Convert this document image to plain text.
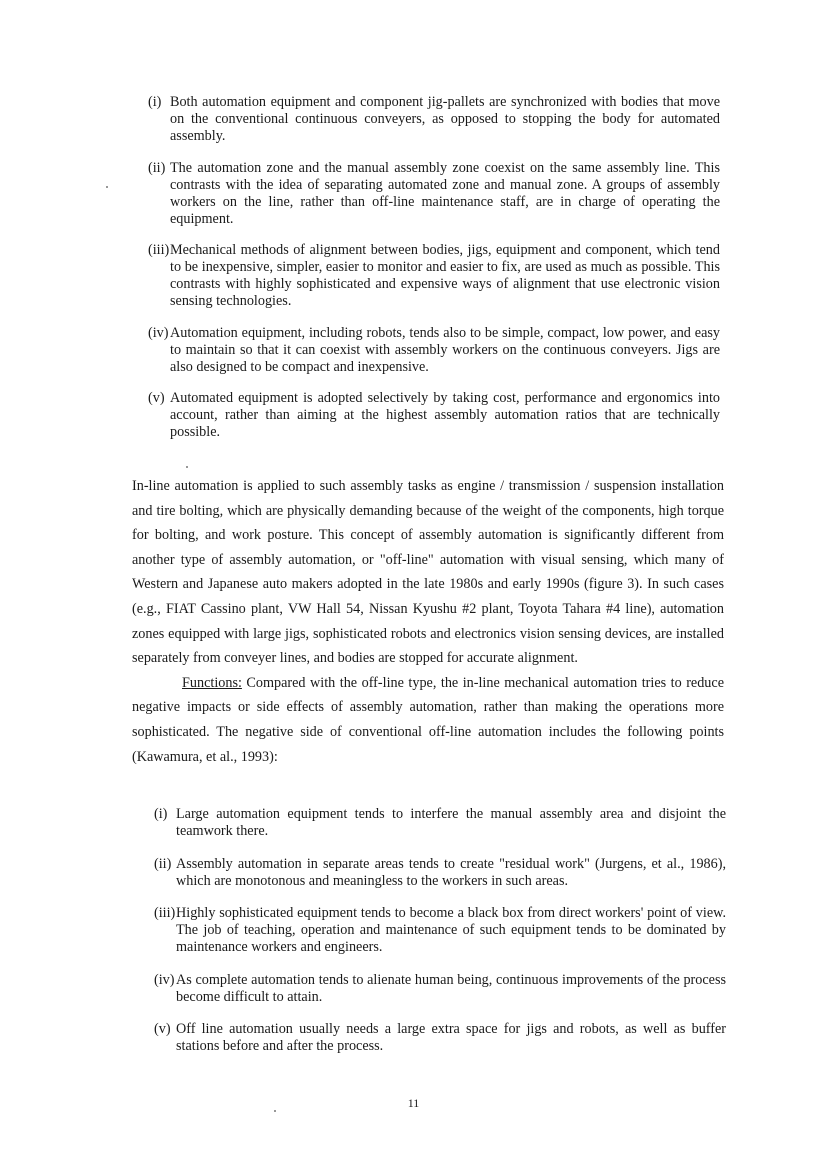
(i) Both automation equipment and component jig-pallets are synchronized with bodies that move on the conventional continuous conveyers, as opposed to stopping the body for automated assembly.
(ii) The automation zone and the manual assembly zone coexist on the same assembly line. This contrasts with the idea of separating automated zone and manual zone. A groups of assembly workers on the line, rather than off-line maintenance staff, are in charge of operating the equipment.
(iii)Mechanical methods of alignment between bodies, jigs, equipment and component, which tend to be inexpensive, simpler, easier to monitor and easier to fix, are used as much as possible. This contrasts with highly sophisticated and expensive ways of alignment that use electronic vision sensing technologies.
(iv) Automation equipment, including robots, tends also to be simple, compact, low power, and easy to maintain so that it can coexist with assembly workers on the continuous conveyers. Jigs are also designed to be compact and inexpensive.
(v) Automated equipment is adopted selectively by taking cost, performance and ergonomics into account, rather than aiming at the highest assembly automation ratios that are technically possible.

In-line automation is applied to such assembly tasks as engine / transmission / suspension installation and tire bolting, which are physically demanding because of the weight of the components, high torque for bolting, and work posture. This concept of assembly automation is significantly different from another type of assembly automation, or "off-line" automation with visual sensing, which many of Western and Japanese auto makers adopted in the late 1980s and early 1990s (figure 3). In such cases (e.g., FIAT Cassino plant, VW Hall 54, Nissan Kyushu #2 plant, Toyota Tahara #4 line), automation zones equipped with large jigs, sophisticated robots and electronics vision sensing devices, are installed separately from conveyer lines, and bodies are stopped for accurate alignment.

Functions: Compared with the off-line type, the in-line mechanical automation tries to reduce negative impacts or side effects of assembly automation, rather than making the operations more sophisticated. The negative side of conventional off-line automation includes the following points (Kawamura, et al., 1993):

(i) Large automation equipment tends to interfere the manual assembly area and disjoint the teamwork there.
(ii) Assembly automation in separate areas tends to create "residual work" (Jurgens, et al., 1986), which are monotonous and meaningless to the workers in such areas.
(iii)Highly sophisticated equipment tends to become a black box from direct workers' point of view. The job of teaching, operation and maintenance of such equipment tends to be dominated by maintenance workers and engineers.
(iv) As complete automation tends to alienate human being, continuous improvements of the process become difficult to attain.
(v) Off line automation usually needs a large extra space for jigs and robots, as well as buffer stations before and after the process.
11
